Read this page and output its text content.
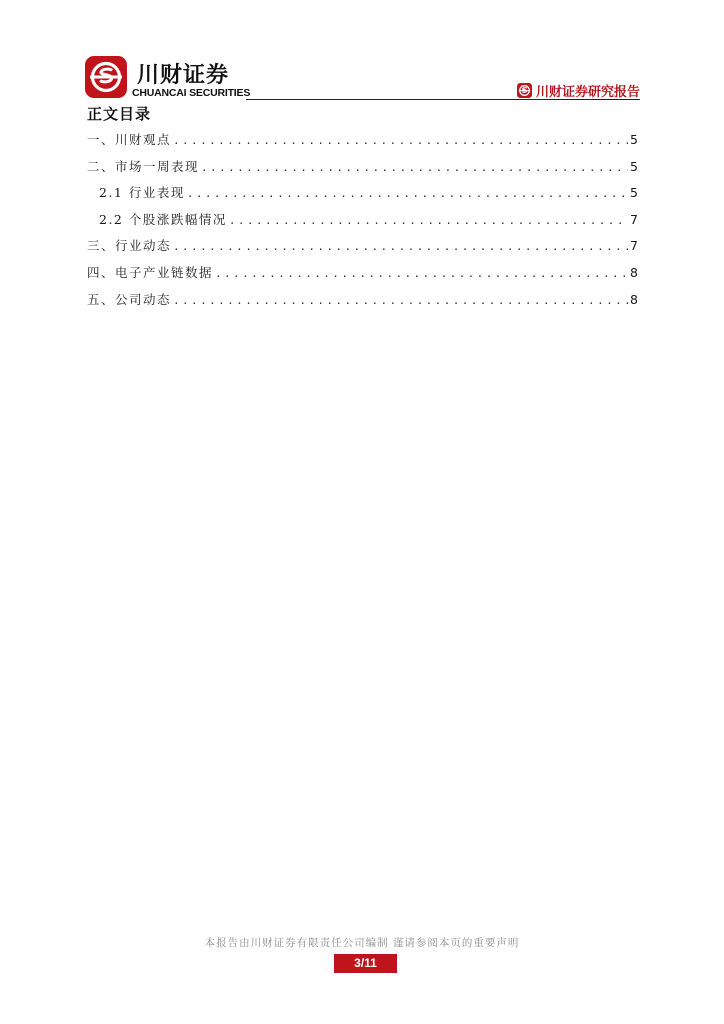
川财证券
CHUANCAI SECURITIES	川财证券研究报告
正文目录
一、川财观点 .....	5
二、市场一周表现 .....	5
2.1 行业表现 .....	5
2.2 个股涨跌幅情况 .....	7
三、行业动态 .....	7
四、电子产业链数据 .....	8
五、公司动态 .....	8
本报告由川财证券有限责任公司编制 谨请参阅本页的重要声明
3/11
